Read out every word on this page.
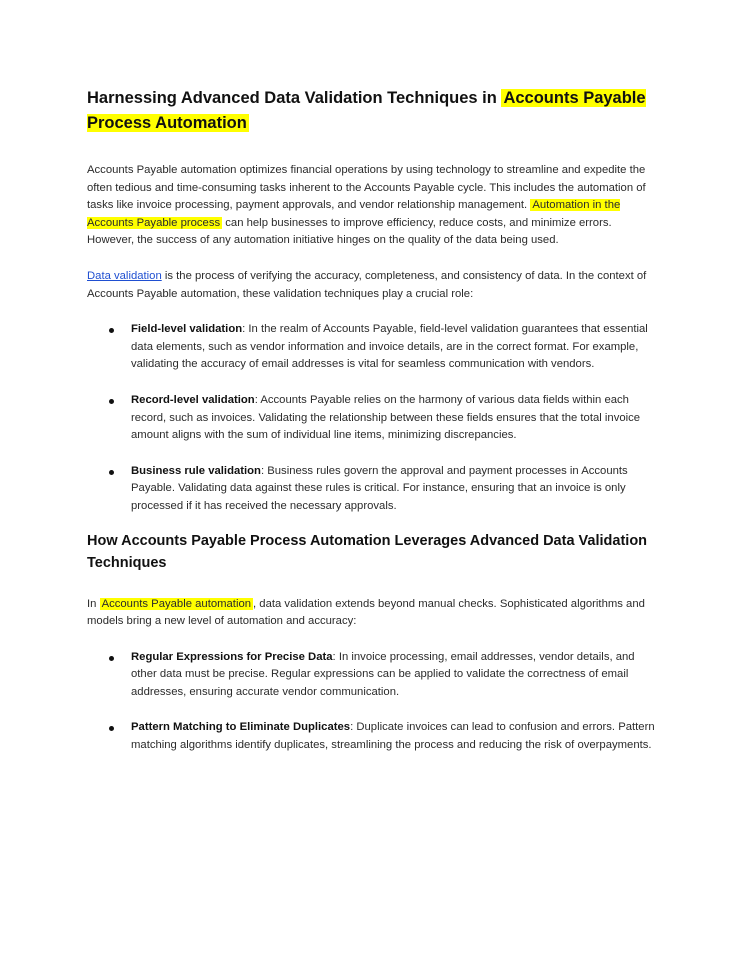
Harnessing Advanced Data Validation Techniques in Accounts Payable Process Automation

Accounts Payable automation optimizes financial operations by using technology to streamline and expedite the often tedious and time-consuming tasks inherent to the Accounts Payable cycle. This includes the automation of tasks like invoice processing, payment approvals, and vendor relationship management. Automation in the Accounts Payable process can help businesses to improve efficiency, reduce costs, and minimize errors. However, the success of any automation initiative hinges on the quality of the data being used.

Data validation is the process of verifying the accuracy, completeness, and consistency of data. In the context of Accounts Payable automation, these validation techniques play a crucial role:

Field-level validation: In the realm of Accounts Payable, field-level validation guarantees that essential data elements, such as vendor information and invoice details, are in the correct format. For example, validating the accuracy of email addresses is vital for seamless communication with vendors.
Record-level validation: Accounts Payable relies on the harmony of various data fields within each record, such as invoices. Validating the relationship between these fields ensures that the total invoice amount aligns with the sum of individual line items, minimizing discrepancies.
Business rule validation: Business rules govern the approval and payment processes in Accounts Payable. Validating data against these rules is critical. For instance, ensuring that an invoice is only processed if it has received the necessary approvals.
How Accounts Payable Process Automation Leverages Advanced Data Validation Techniques

In Accounts Payable automation , data validation extends beyond manual checks. Sophisticated algorithms and models bring a new level of automation and accuracy:

Regular Expressions for Precise Data: In invoice processing, email addresses, vendor details, and other data must be precise. Regular expressions can be applied to validate the correctness of email addresses, ensuring accurate vendor communication.
Pattern Matching to Eliminate Duplicates: Duplicate invoices can lead to confusion and errors. Pattern matching algorithms identify duplicates, streamlining the process and reducing the risk of overpayments.
